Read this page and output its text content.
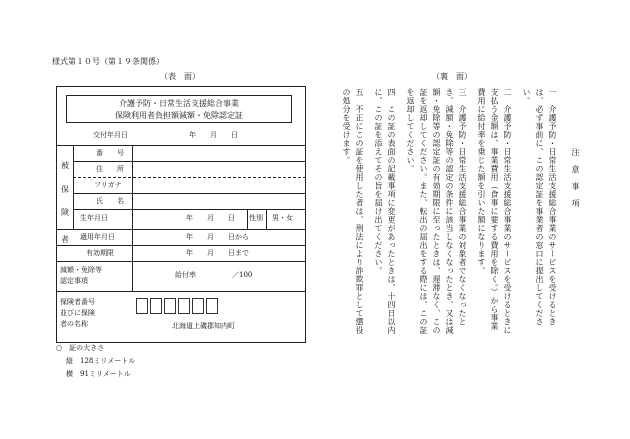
様式第１０号（第１９条関係）
（表　面）	（裏　面）
介護予防・日常生活支援総合事業
保険利用者負担額減額・免除認定証
交付年月日	年　　月　　日
被
保
険
者
番　　号
住　　所
フリガナ
氏　　名
生年月日	年　　月　　日 性別 男・女
適用年月日	年　　月　　日から
有効期限	年　　月　　日まで
減額・免除等
認定事項
給付率	／100
保険者番号
並びに保険
者の名称	北海道上磯郡知内町
○　証の大きさ
縦　128ミリメートル
横　91ミリメートル
注　意　事　項
一　介護予防・日常生活支援総合事業のサービスを受けるときは、必ず事前に、この認定証を事業者の窓口に提出してください。
二　介護予防・日常生活支援総合事業のサービスを受けるときに支払う金額は、事業費用（食事に要する費用を除く。）から事業費用に給付率を乗じた額を引いた額になります。
三　介護予防・日常生活支援総合事業の対象者でなくなったとき、減額・免除等の認定の条件に該当しなくなったとき、又は減額・免除等の認定証の有効期限に至ったときは、遅滞なく、この証を返却してください。また、転出の届出をする際には、この証を返却してください。
四　この証の表面の記載事項に変更があったときは、十四日以内に、この証を添えてその旨を届け出てください。
五　不正にこの証を使用した者は、刑法により詐欺罪として懲役の処分を受けます。
